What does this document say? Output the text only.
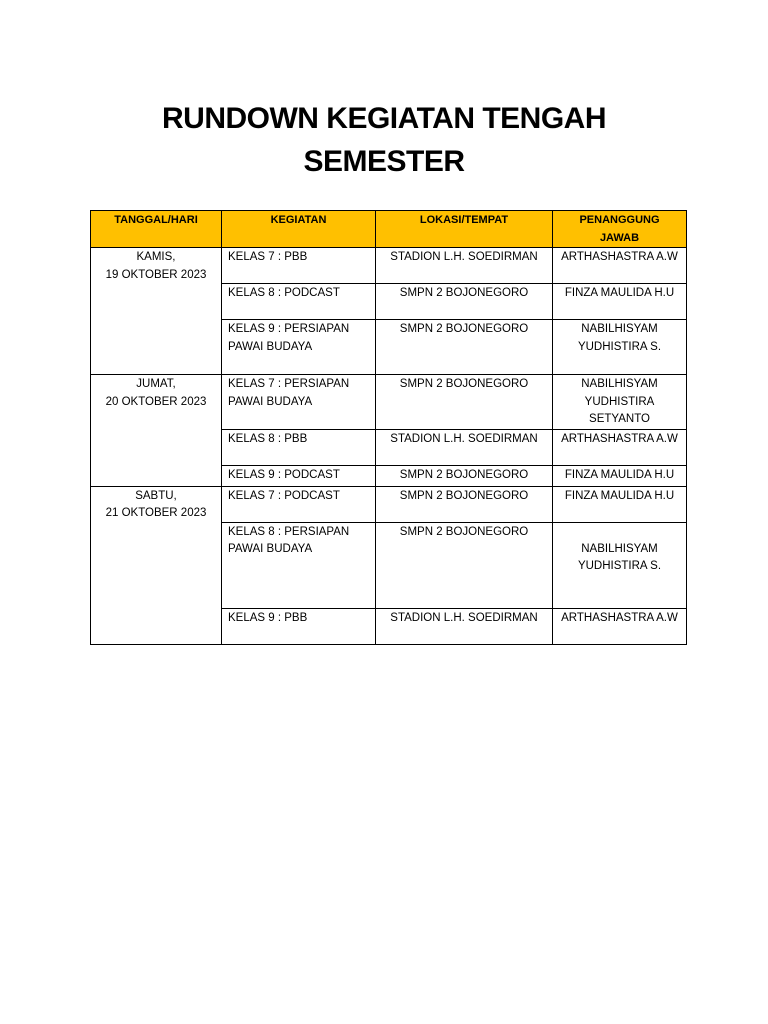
RUNDOWN KEGIATAN TENGAH
SEMESTER
TANGGAL/HARI	KEGIATAN	LOKASI/TEMPAT	PENANGGUNG JAWAB

KAMIS,
19 OKTOBER 2023	KELAS 7 : PBB	STADION L.H. SOEDIRMAN	ARTHASHASTRA A.W
	KELAS 8 : PODCAST	SMPN 2 BOJONEGORO	FINZA MAULIDA H.U
	KELAS 9 : PERSIAPAN PAWAI BUDAYA	SMPN 2 BOJONEGORO	NABILHISYAM YUDHISTIRA S.

JUMAT,
20 OKTOBER 2023	KELAS 7 : PERSIAPAN PAWAI BUDAYA	SMPN 2 BOJONEGORO	NABILHISYAM YUDHISTIRA SETYANTO
	KELAS 8 : PBB	STADION L.H. SOEDIRMAN	ARTHASHASTRA A.W
	KELAS 9 : PODCAST	SMPN 2 BOJONEGORO	FINZA MAULIDA H.U

SABTU,
21 OKTOBER 2023	KELAS 7 : PODCAST	SMPN 2 BOJONEGORO	FINZA MAULIDA H.U
	KELAS 8 : PERSIAPAN PAWAI BUDAYA	SMPN 2 BOJONEGORO	NABILHISYAM YUDHISTIRA S.
	KELAS 9 : PBB	STADION L.H. SOEDIRMAN	ARTHASHASTRA A.W
